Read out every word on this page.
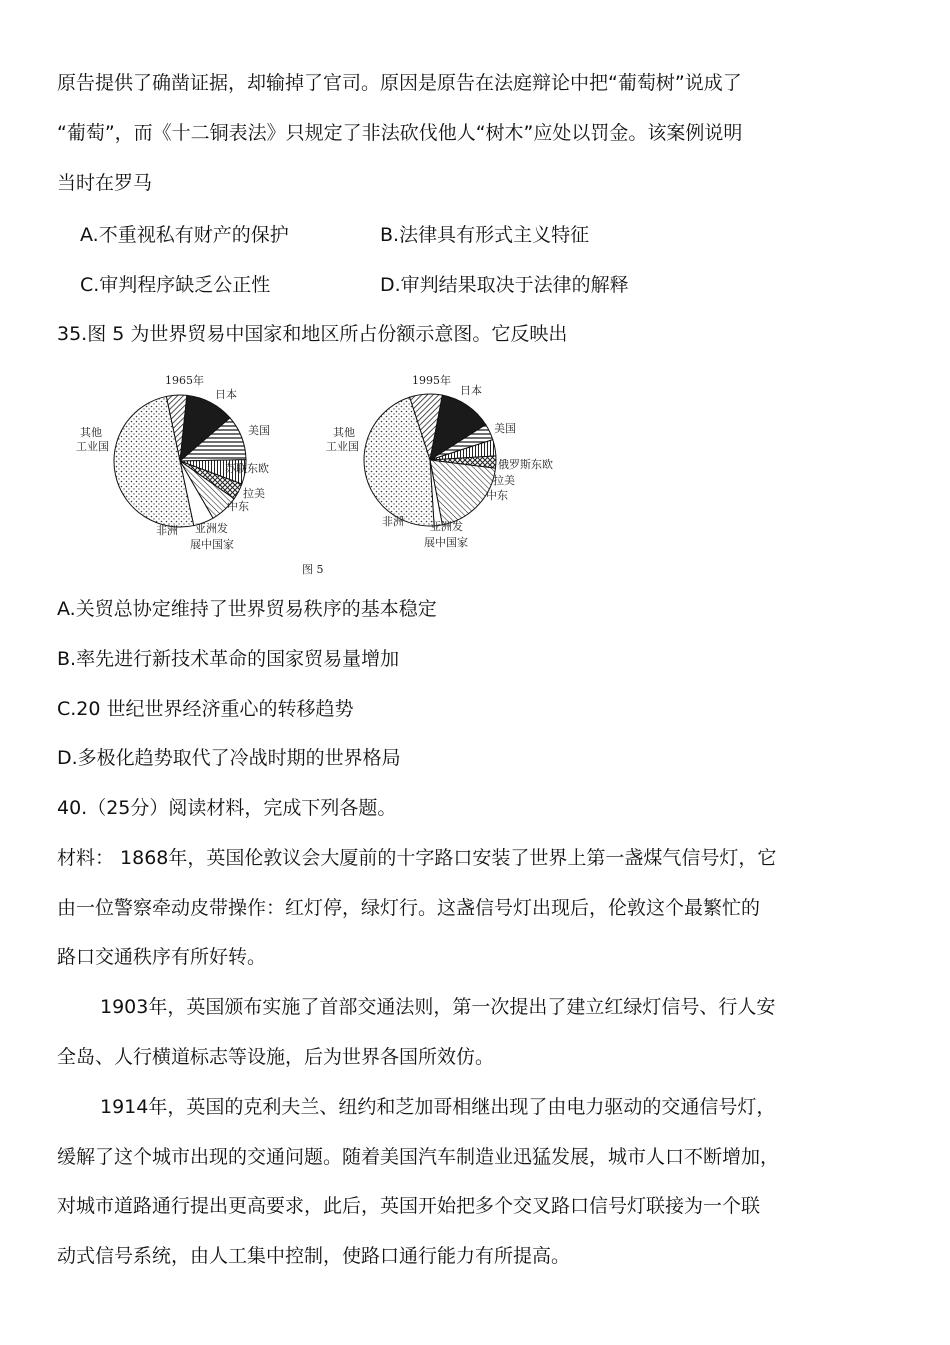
原告提供了确凿证据，却输掉了官司。原因是原告在法庭辩论中把“葡萄树”说成了
“葡萄”，而《十二铜表法》只规定了非法砍伐他人“树木”应处以罚金。该案例说明
当时在罗马
A.不重视私有财产的保护	B.法律具有形式主义特征
C.审判程序缺乏公正性	D.审判结果取决于法律的解释
35.图 5 为世界贸易中国家和地区所占份额示意图。它反映出
1965年
日本
美国
苏联东欧
拉美
中东
亚洲发
展中国家
非洲
其他
工业国
1995年
日本
美国
俄罗斯东欧
拉美
中东
亚洲发
展中国家
非洲
其他
工业国
图 5
A.关贸总协定维持了世界贸易秩序的基本稳定
B.率先进行新技术革命的国家贸易量增加
C.20 世纪世界经济重心的转移趋势
D.多极化趋势取代了冷战时期的世界格局
40.（25分）阅读材料，完成下列各题。
材料： 1868年，英国伦敦议会大厦前的十字路口安装了世界上第一盏煤气信号灯，它
由一位警察牵动皮带操作：红灯停，绿灯行。这盏信号灯出现后，伦敦这个最繁忙的
路口交通秩序有所好转。
1903年，英国颁布实施了首部交通法则，第一次提出了建立红绿灯信号、行人安
全岛、人行横道标志等设施，后为世界各国所效仿。
1914年，英国的克利夫兰、纽约和芝加哥相继出现了由电力驱动的交通信号灯，
缓解了这个城市出现的交通问题。随着美国汽车制造业迅猛发展，城市人口不断增加，
对城市道路通行提出更高要求，此后，英国开始把多个交叉路口信号灯联接为一个联
动式信号系统，由人工集中控制，使路口通行能力有所提高。
